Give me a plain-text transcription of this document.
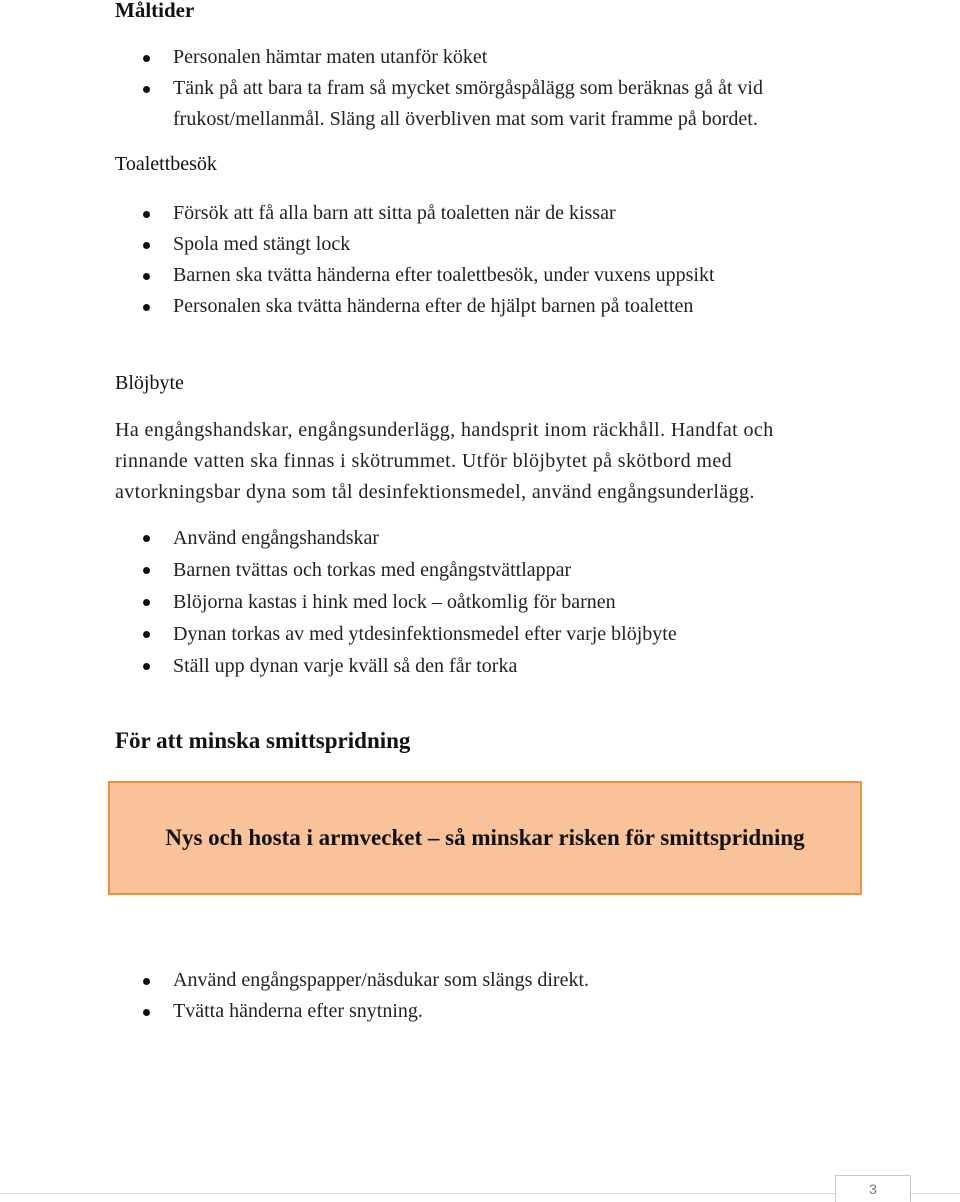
Måltider
Personalen hämtar maten utanför köket
Tänk på att bara ta fram så mycket smörgåspålägg som beräknas gå åt vid
frukost/mellanmål. Släng all överbliven mat som varit framme på bordet.
Toalettbesök
Försök att få alla barn att sitta på toaletten när de kissar
Spola med stängt lock
Barnen ska tvätta händerna efter toalettbesök, under vuxens uppsikt
Personalen ska tvätta händerna efter de hjälpt barnen på toaletten
Blöjbyte
Ha engångshandskar, engångsunderlägg, handsprit inom räckhåll. Handfat och
rinnande vatten ska finnas i skötrummet. Utför blöjbytet på skötbord med
avtorkningsbar dyna som tål desinfektionsmedel, använd engångsunderlägg.
Använd engångshandskar
Barnen tvättas och torkas med engångstvättlappar
Blöjorna kastas i hink med lock – oåtkomlig för barnen
Dynan torkas av med ytdesinfektionsmedel efter varje blöjbyte
Ställ upp dynan varje kväll så den får torka
För att minska smittspridning
Nys och hosta i armvecket – så minskar risken för smittspridning
Använd engångspapper/näsdukar som slängs direkt.
Tvätta händerna efter snytning.
3
